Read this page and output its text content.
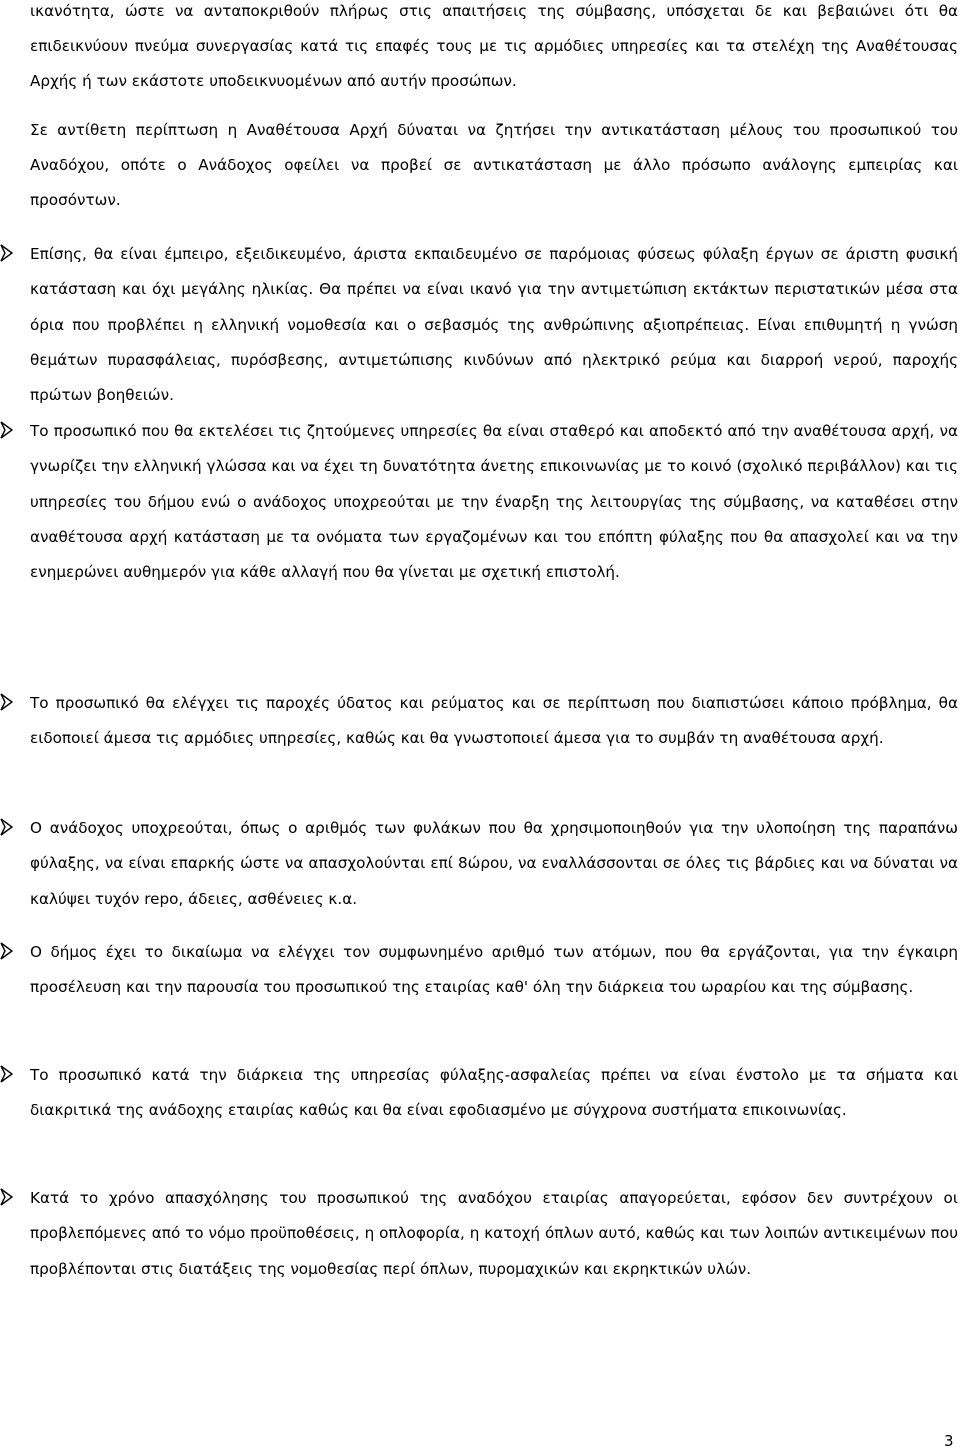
ικανότητα, ώστε να ανταποκριθούν πλήρως στις απαιτήσεις της σύμβασης, υπόσχεται δε και βεβαιώνει ότι θα επιδεικνύουν πνεύμα συνεργασίας κατά τις επαφές τους με τις αρμόδιες υπηρεσίες και τα στελέχη της Αναθέτουσας Αρχής ή των εκάστοτε υποδεικνυομένων από αυτήν προσώπων.

Σε αντίθετη περίπτωση η Αναθέτουσα Αρχή δύναται να ζητήσει την αντικατάσταση μέλους του προσωπικού του Αναδόχου, οπότε ο Ανάδοχος οφείλει να προβεί σε αντικατάσταση με άλλο πρόσωπο ανάλογης εμπειρίας και προσόντων.

Επίσης, θα είναι έμπειρο, εξειδικευμένο, άριστα εκπαιδευμένο σε παρόμοιας φύσεως φύλαξη έργων σε άριστη φυσική κατάσταση και όχι μεγάλης ηλικίας. Θα πρέπει να είναι ικανό για την αντιμετώπιση εκτάκτων περιστατικών μέσα στα όρια που προβλέπει η ελληνική νομοθεσία και ο σεβασμός της ανθρώπινης αξιοπρέπειας. Είναι επιθυμητή η γνώση θεμάτων πυρασφάλειας, πυρόσβεσης, αντιμετώπισης κινδύνων από ηλεκτρικό ρεύμα και διαρροή νερού, παροχής πρώτων βοηθειών.
Το προσωπικό που θα εκτελέσει τις ζητούμενες υπηρεσίες θα είναι σταθερό και αποδεκτό από την αναθέτουσα αρχή, να γνωρίζει την ελληνική γλώσσα και να έχει τη δυνατότητα άνετης επικοινωνίας με το κοινό (σχολικό περιβάλλον) και τις υπηρεσίες του δήμου ενώ ο ανάδοχος υποχρεούται με την έναρξη της λειτουργίας της σύμβασης, να καταθέσει στην αναθέτουσα αρχή κατάσταση με τα ονόματα των εργαζομένων και του επόπτη φύλαξης που θα απασχολεί και να την ενημερώνει αυθημερόν για κάθε αλλαγή που θα γίνεται με σχετική επιστολή.
Το προσωπικό θα ελέγχει τις παροχές ύδατος και ρεύματος και σε περίπτωση που διαπιστώσει κάποιο πρόβλημα, θα ειδοποιεί άμεσα τις αρμόδιες υπηρεσίες, καθώς και θα γνωστοποιεί άμεσα για το συμβάν τη αναθέτουσα αρχή.
Ο ανάδοχος υποχρεούται, όπως ο αριθμός των φυλάκων που θα χρησιμοποιηθούν για την υλοποίηση της παραπάνω φύλαξης, να είναι επαρκής ώστε να απασχολούνται επί 8ώρου, να εναλλάσσονται σε όλες τις βάρδιες και να δύναται να καλύψει τυχόν repo, άδειες, ασθένειες κ.α.
Ο δήμος έχει το δικαίωμα να ελέγχει τον συμφωνημένο αριθμό των ατόμων, που θα εργάζονται, για την έγκαιρη προσέλευση και την παρουσία του προσωπικού της εταιρίας καθ' όλη την διάρκεια του ωραρίου και της σύμβασης.
Το προσωπικό κατά την διάρκεια της υπηρεσίας φύλαξης-ασφαλείας πρέπει να είναι ένστολο με τα σήματα και διακριτικά της ανάδοχης εταιρίας καθώς και θα είναι εφοδιασμένο με σύγχρονα συστήματα επικοινωνίας.
Κατά το χρόνο απασχόλησης του προσωπικού της αναδόχου εταιρίας απαγορεύεται, εφόσον δεν συντρέχουν οι προβλεπόμενες από το νόμο προϋποθέσεις, η οπλοφορία, η κατοχή όπλων αυτό, καθώς και των λοιπών αντικειμένων που προβλέπονται στις διατάξεις της νομοθεσίας περί όπλων, πυρομαχικών και εκρηκτικών υλών.
3
